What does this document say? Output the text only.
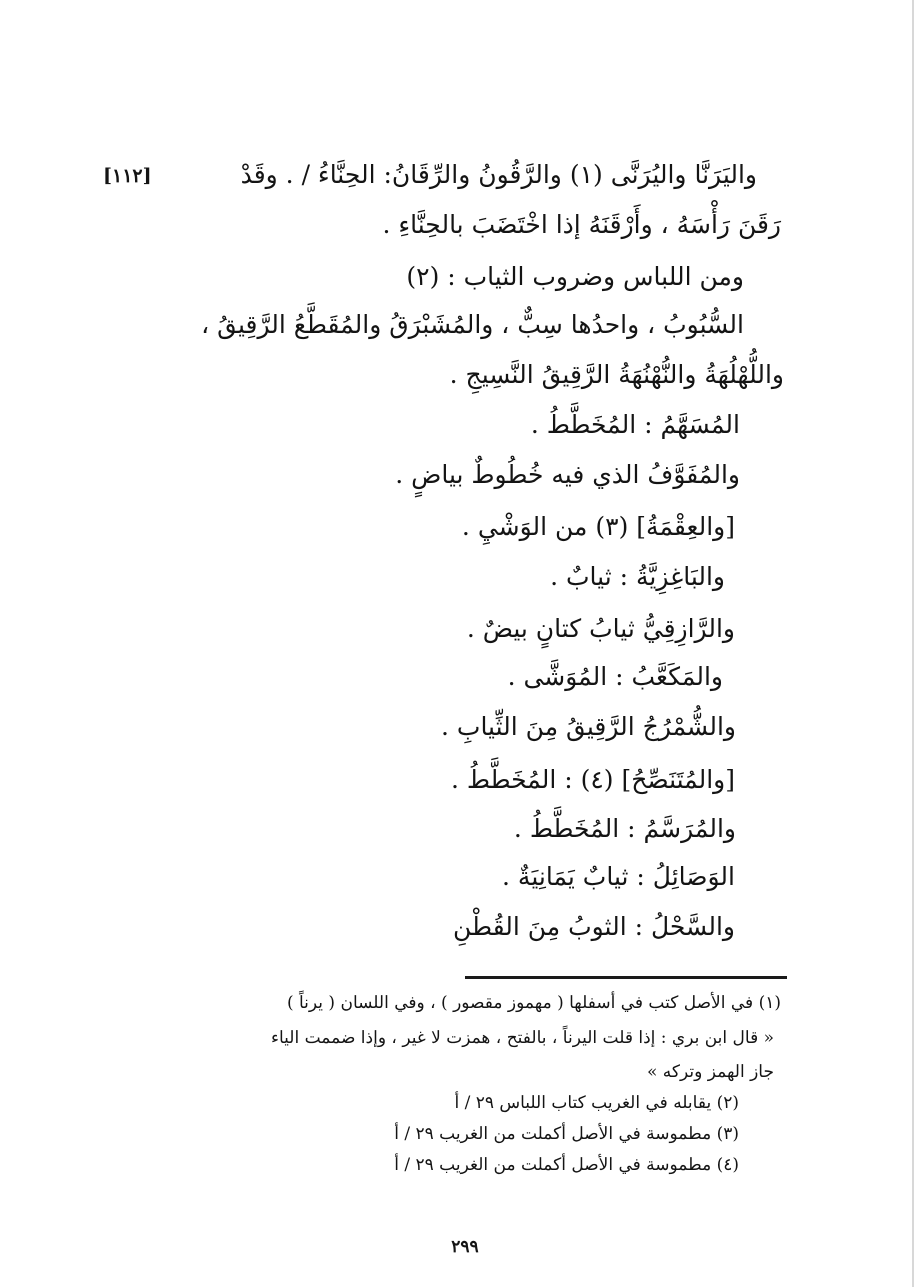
[١١٢]	واليَرَنَّا واليُرَنَّى (١) والرَّقُونُ والرِّقَانُ: الحِنَّاءُ / . وقَدْ
رَقَنَ رَأْسَهُ ، وأَرْقَنَهُ إذا اخْتَضَبَ بالحِنَّاءِ .
ومن اللباس وضروب الثياب : (٢)
السُّبُوبُ ، واحدُها سِبٌّ ، والمُشَبْرَقُ والمُقَطَّعُ الرَّقِيقُ ،
واللُّهْلُهَةُ والنُّهْنُهَةُ الرَّقِيقُ النَّسِيجِ .
المُسَهَّمُ : المُخَطَّطُ .
والمُفَوَّفُ الذي فيه خُطُوطٌ بياضٍ .
[والعِقْمَةُ] (٣) من الوَشْيِ .
والبَاغِزِيَّةُ : ثيابٌ .
والرَّازِقِيُّ ثيابُ كتانٍ بيضٌ .
والمَكَعَّبُ : المُوَشَّى .
والشُّمْرُجُ الرَّقِيقُ مِنَ الثِّيابِ .
[والمُتَنَصِّحُ] (٤) : المُخَطَّطُ .
والمُرَسَّمُ : المُخَطَّطُ .
الوَصَائِلُ : ثيابٌ يَمَانِيَةٌ .
والسَّحْلُ : الثوبُ مِنَ القُطْنِ
(١) في الأصل كتب في أسفلها ( مهموز مقصور ) ، وفي اللسان ( يرناً )
« قال ابن بري : إذا قلت اليرناً ، بالفتح ، همزت لا غير ، وإذا ضممت الياء
جاز الهمز وتركه »
(٢) يقابله في الغريب كتاب اللباس ٢٩ / أ
(٣) مطموسة في الأصل أكملت من الغريب ٢٩ / أ
(٤) مطموسة في الأصل أكملت من الغريب ٢٩ / أ
٢٩٩
